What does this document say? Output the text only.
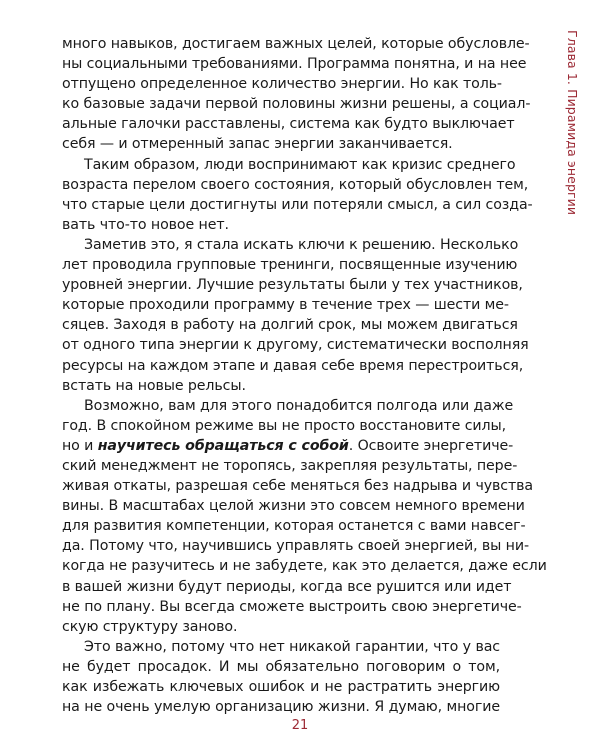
Глава 1. Пирамида энергии

много навыков, достигаем важных целей, которые обусловле-
ны социальными требованиями. Программа понятна, и на нее
отпущено определенное количество энергии. Но как толь-
ко базовые задачи первой половины жизни решены, а социал-
альные галочки расставлены, система как будто выключает
себя — и отмеренный запас энергии заканчивается.

Таким образом, люди воспринимают как кризис среднего
возраста перелом своего состояния, который обусловлен тем,
что старые цели достигнуты или потеряли смысл, а сил созда-
вать что-то новое нет.

Заметив это, я стала искать ключи к решению. Несколько
лет проводила групповые тренинги, посвященные изучению
уровней энергии. Лучшие результаты были у тех участников,
которые проходили программу в течение трех — шести ме-
сяцев. Заходя в работу на долгий срок, мы можем двигаться
от одного типа энергии к другому, систематически восполняя
ресурсы на каждом этапе и давая себе время перестроиться,
встать на новые рельсы.

Возможно, вам для этого понадобится полгода или даже
год. В спокойном режиме вы не просто восстановите силы,
но и научитесь обращаться с собой. Освоите энергетиче-
ский менеджмент не торопясь, закрепляя результаты, пере-
живая откаты, разрешая себе меняться без надрыва и чувства
вины. В масштабах целой жизни это совсем немного времени
для развития компетенции, которая останется с вами навсег-
да. Потому что, научившись управлять своей энергией, вы ни-
когда не разучитесь и не забудете, как это делается, даже если
в вашей жизни будут периоды, когда все рушится или идет
не по плану. Вы всегда сможете выстроить свою энергетиче-
скую структуру заново.

Это важно, потому что нет никакой гарантии, что у вас
не будет просадок. И мы обязательно поговорим о том,
как избежать ключевых ошибок и не растратить энергию
на не очень умелую организацию жизни. Я думаю, многие

21
